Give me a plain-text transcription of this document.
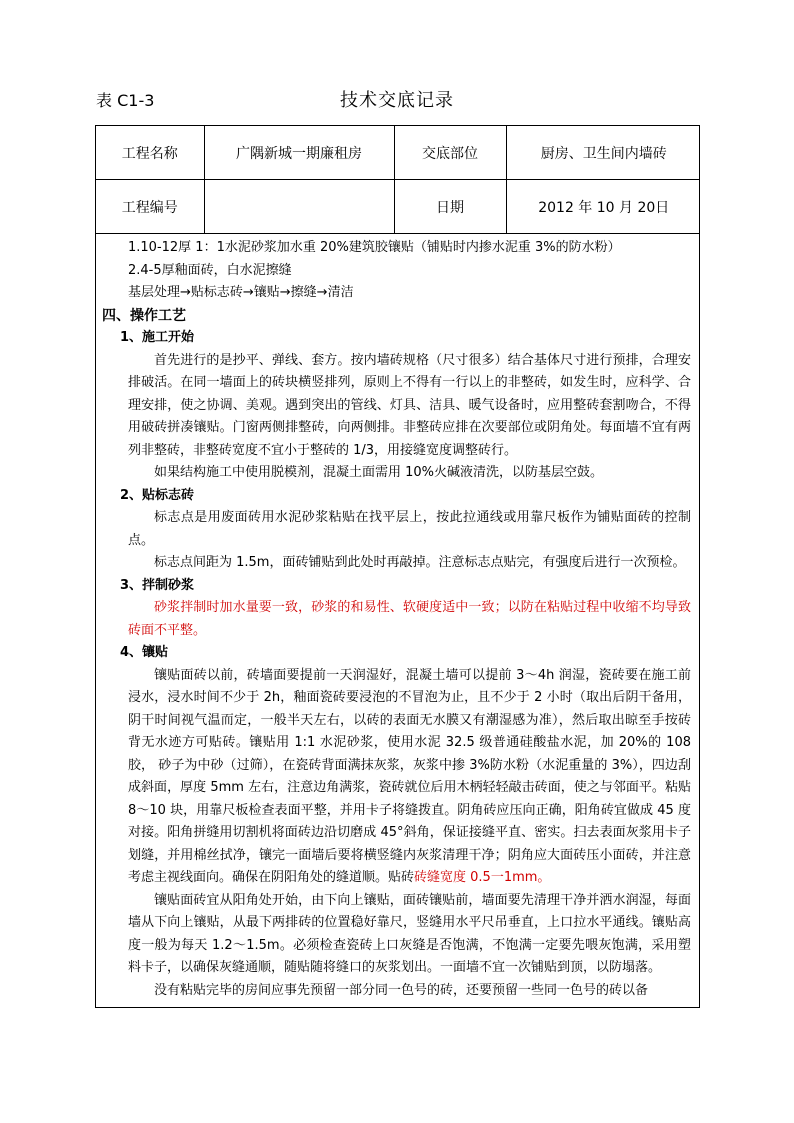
表 C1-3	技术交底记录
工程名称	广隅新城一期廉租房	交底部位	厨房、卫生间内墙砖
工程编号		日期	2012 年 10 月 20日

1.10-12厚 1：1水泥砂浆加水重 20%建筑胶镶贴（铺贴时内掺水泥重 3%的防水粉）

2.4-5厚釉面砖，白水泥擦缝

基层处理→贴标志砖→镶贴→擦缝→清洁

四、操作工艺

1、施工开始

首先进行的是抄平、弹线、套方。按内墙砖规格（尺寸很多）结合基体尺寸进行预排，合理安排破活。在同一墙面上的砖块横竖排列，原则上不得有一行以上的非整砖，如发生时，应科学、合理安排，使之协调、美观。遇到突出的管线、灯具、洁具、暖气设备时，应用整砖套割吻合，不得用破砖拼凑镶贴。门窗两侧排整砖，向两侧排。非整砖应排在次要部位或阴角处。每面墙不宜有两列非整砖，非整砖宽度不宜小于整砖的 1/3，用接缝宽度调整砖行。

如果结构施工中使用脱模剂，混凝土面需用 10%火碱液清洗，以防基层空鼓。

2、贴标志砖

标志点是用废面砖用水泥砂浆粘贴在找平层上，按此拉通线或用靠尺板作为铺贴面砖的控制点。

标志点间距为 1.5m，面砖铺贴到此处时再敲掉。注意标志点贴完，有强度后进行一次预检。

3、拌制砂浆

砂浆拌制时加水量要一致，砂浆的和易性、软硬度适中一致；以防在粘贴过程中收缩不均导致砖面不平整。

4、镶贴

镶贴面砖以前，砖墙面要提前一天润湿好，混凝土墙可以提前 3～4h 润湿，瓷砖要在施工前浸水，浸水时间不少于 2h，釉面瓷砖要浸泡的不冒泡为止，且不少于 2 小时（取出后阴干备用，阴干时间视气温而定，一般半天左右，以砖的表面无水膜又有潮湿感为准），然后取出晾至手按砖背无水迹方可贴砖。镶贴用 1:1 水泥砂浆，使用水泥 32.5 级普通硅酸盐水泥，加 20%的 108 胶， 砂子为中砂（过筛），在瓷砖背面满抹灰浆，灰浆中掺 3%防水粉（水泥重量的 3%），四边刮成斜面，厚度 5mm 左右，注意边角满浆，瓷砖就位后用木柄轻轻敲击砖面，使之与邻面平。粘贴 8～10 块，用靠尺板检查表面平整，并用卡子将缝拨直。阴角砖应压向正确，阳角砖宜做成 45 度对接。阳角拼缝用切割机将面砖边沿切磨成 45°斜角，保证接缝平直、密实。扫去表面灰浆用卡子划缝，并用棉丝拭净，镶完一面墙后要将横竖缝内灰浆清理干净；阴角应大面砖压小面砖，并注意考虑主视线面向。确保在阴阳角处的缝道顺。贴砖砖缝宽度 0.5一1mm。

镶贴面砖宜从阳角处开始，由下向上镶贴，面砖镶贴前，墙面要先清理干净并洒水润湿，每面墙从下向上镶贴，从最下两排砖的位置稳好靠尺，竖缝用水平尺吊垂直，上口拉水平通线。镶贴高度一般为每天 1.2～1.5m。必须检查瓷砖上口灰缝是否饱满，不饱满一定要先喂灰饱满，采用塑料卡子，以确保灰缝通顺，随贴随将缝口的灰浆划出。一面墙不宜一次铺贴到顶，以防塌落。

没有粘贴完毕的房间应事先预留一部分同一色号的砖，还要预留一些同一色号的砖以备
